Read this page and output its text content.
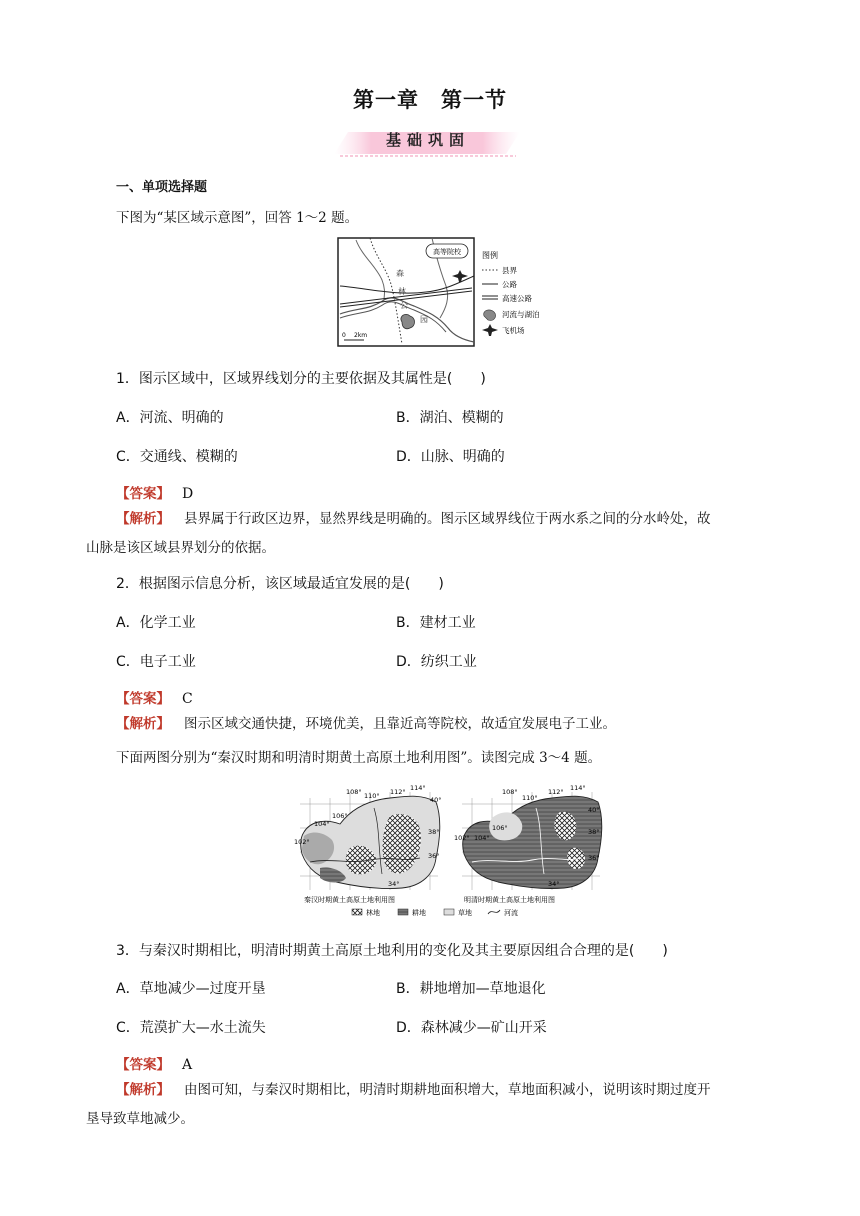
第一章　第一节
基础巩固
一、单项选择题
下图为“某区域示意图”，回答 1～2 题。
高等院校
森
林
公
园
0 2km
图例
县界
公路
高速公路
河流与湖泊
飞机场
1．图示区域中，区域界线划分的主要依据及其属性是(　　)
A．河流、明确的	B．湖泊、模糊的
C．交通线、模糊的	D．山脉、明确的
【答案】 D
【解析】 县界属于行政区边界，显然界线是明确的。图示区域界线位于两水系之间的分水岭处，故
山脉是该区域县界划分的依据。
2．根据图示信息分析，该区域最适宜发展的是(　　)
A．化学工业	B．建材工业
C．电子工业	D．纺织工业
【答案】 C
【解析】 图示区域交通快捷，环境优美，且靠近高等院校，故适宜发展电子工业。
下面两图分别为“秦汉时期和明清时期黄土高原土地利用图”。读图完成 3～4 题。
108° 110° 112° 114°
102°
104°
106°
40°
38°
36°
34°
秦汉时期黄土高原土地利用图
108°
110°
112° 114°
102° 104°
106°
40°
38°
36°
34°
明清时期黄土高原土地利用图
林地	耕地	草地	河流
3．与秦汉时期相比，明清时期黄土高原土地利用的变化及其主要原因组合合理的是(　　)
A．草地减少—过度开垦	B．耕地增加—草地退化
C．荒漠扩大—水土流失	D．森林减少—矿山开采
【答案】 A
【解析】 由图可知，与秦汉时期相比，明清时期耕地面积增大，草地面积减小，说明该时期过度开
垦导致草地减少。
